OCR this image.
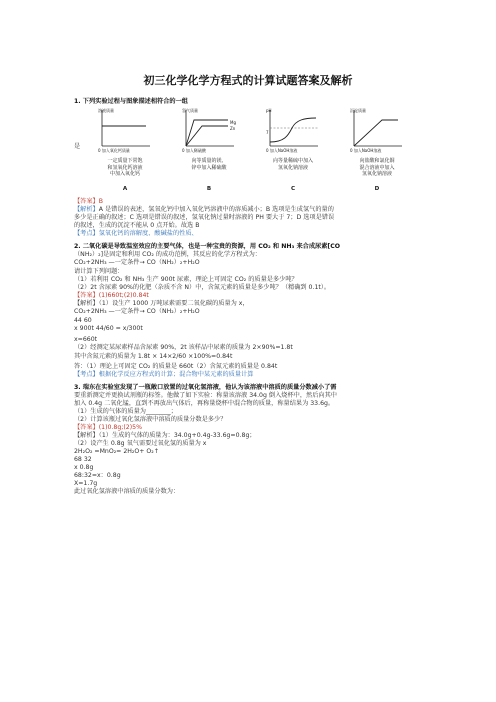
初三化学化学方程式的计算试题答案及解析
1. 下列实验过程与图象描述相符合的一组
是
溶液质量
0 加入氧化钙质量
一定质量下常饱
和氢氧化钙溶液
中加入氧化钙
A
氢气质量
Mg
Zn
0 加入稀硫酸
向等质量的镁、
锌中加入稀硫酸
B
pH
7
0 加入NaOH溶液
向等量稀硫中加入
氢氧化钠溶液
C
沉淀质量
0 加入NaOH溶液
向盐酸和氯化铜
混合溶液中加入
氢氧化钠溶液
D
【答案】B
【解析】A 是错误的表述，氢氧化钙中加入氧化钙溶液中的溶质减小；B 选项是生成氢气的量的
多少是正确的叙述；C 选项是错误的叙述，氢氧化钠过量时溶液的 PH 要大于 7；D 选项是错误
的叙述，生成的沉淀不能从 0 点开始。故选 B
【考点】氢氧化钙的溶解度、酸碱盐的性质、
2. 二氧化碳是导致温室效应的主要气体，也是一种宝贵的资源，用 CO₂ 和 NH₃ 来合成尿素[CO
（NH₂）₂]是固定和利用 CO₂ 的成功范例，其反应的化学方程式为：
CO₂+2NH₃ —一定条件→ CO（NH₂）₂+H₂O
请计算下列问题：
（1）若利用 CO₂ 和 NH₃ 生产 900t 尿素，理论上可固定 CO₂ 的质量是多少吨？
（2）2t 含尿素 90%的化肥（杂质不含 N）中，含氮元素的质量是多少吨？（精确到 0.1t）。
【答案】(1)660t;(2)0.84t
【解析】（1）设生产 1000 万吨尿素需要二氧化碳的质量为 x，
CO₂+2NH₃ —一定条件→ CO（NH₂）₂+H₂O
44 60
x 900t 44/60 = x/300t
x=660t
（2）经测定某尿素样品含尿素 90%，2t 该样品中尿素的质量为 2×90%=1.8t
其中含氮元素的质量为 1.8t × 14×2/60 ×100%=0.84t
答：（1）理论上可固定 CO₂ 的质量是 660t（2）含氮元素的质量是 0.84t
【考点】根据化学反应方程式的计算；混合物中某元素的质量计算
3. 瑞东在实验室发现了一瓶敞口放置的过氧化氢溶液，他认为该溶液中溶质的质量分数减小了需
要重新测定并更换试剂瓶的标签。他做了如下实验：称量该溶液 34.0g 倒入烧杯中，然后向其中
加入 0.4g 二氧化锰，直到不再放出气体后，再称量烧杯中混合物的质量，称量结果为 33.6g。
（1）生成的气体的质量为________；
（2）计算该瓶过氧化氢溶液中溶质的质量分数是多少？
【答案】(1)0.8g;(2)5%
【解析】（1）生成的气体的质量为：34.0g+0.4g-33.6g=0.8g；
（2）设产生 0.8g 氧气需要过氧化氢的质量为 x
2H₂O₂ =MnO₂= 2H₂O+ O₂↑
68 32
x 0.8g
68:32=x：0.8g
X=1.7g
此过氧化氢溶液中溶质的质量分数为：
